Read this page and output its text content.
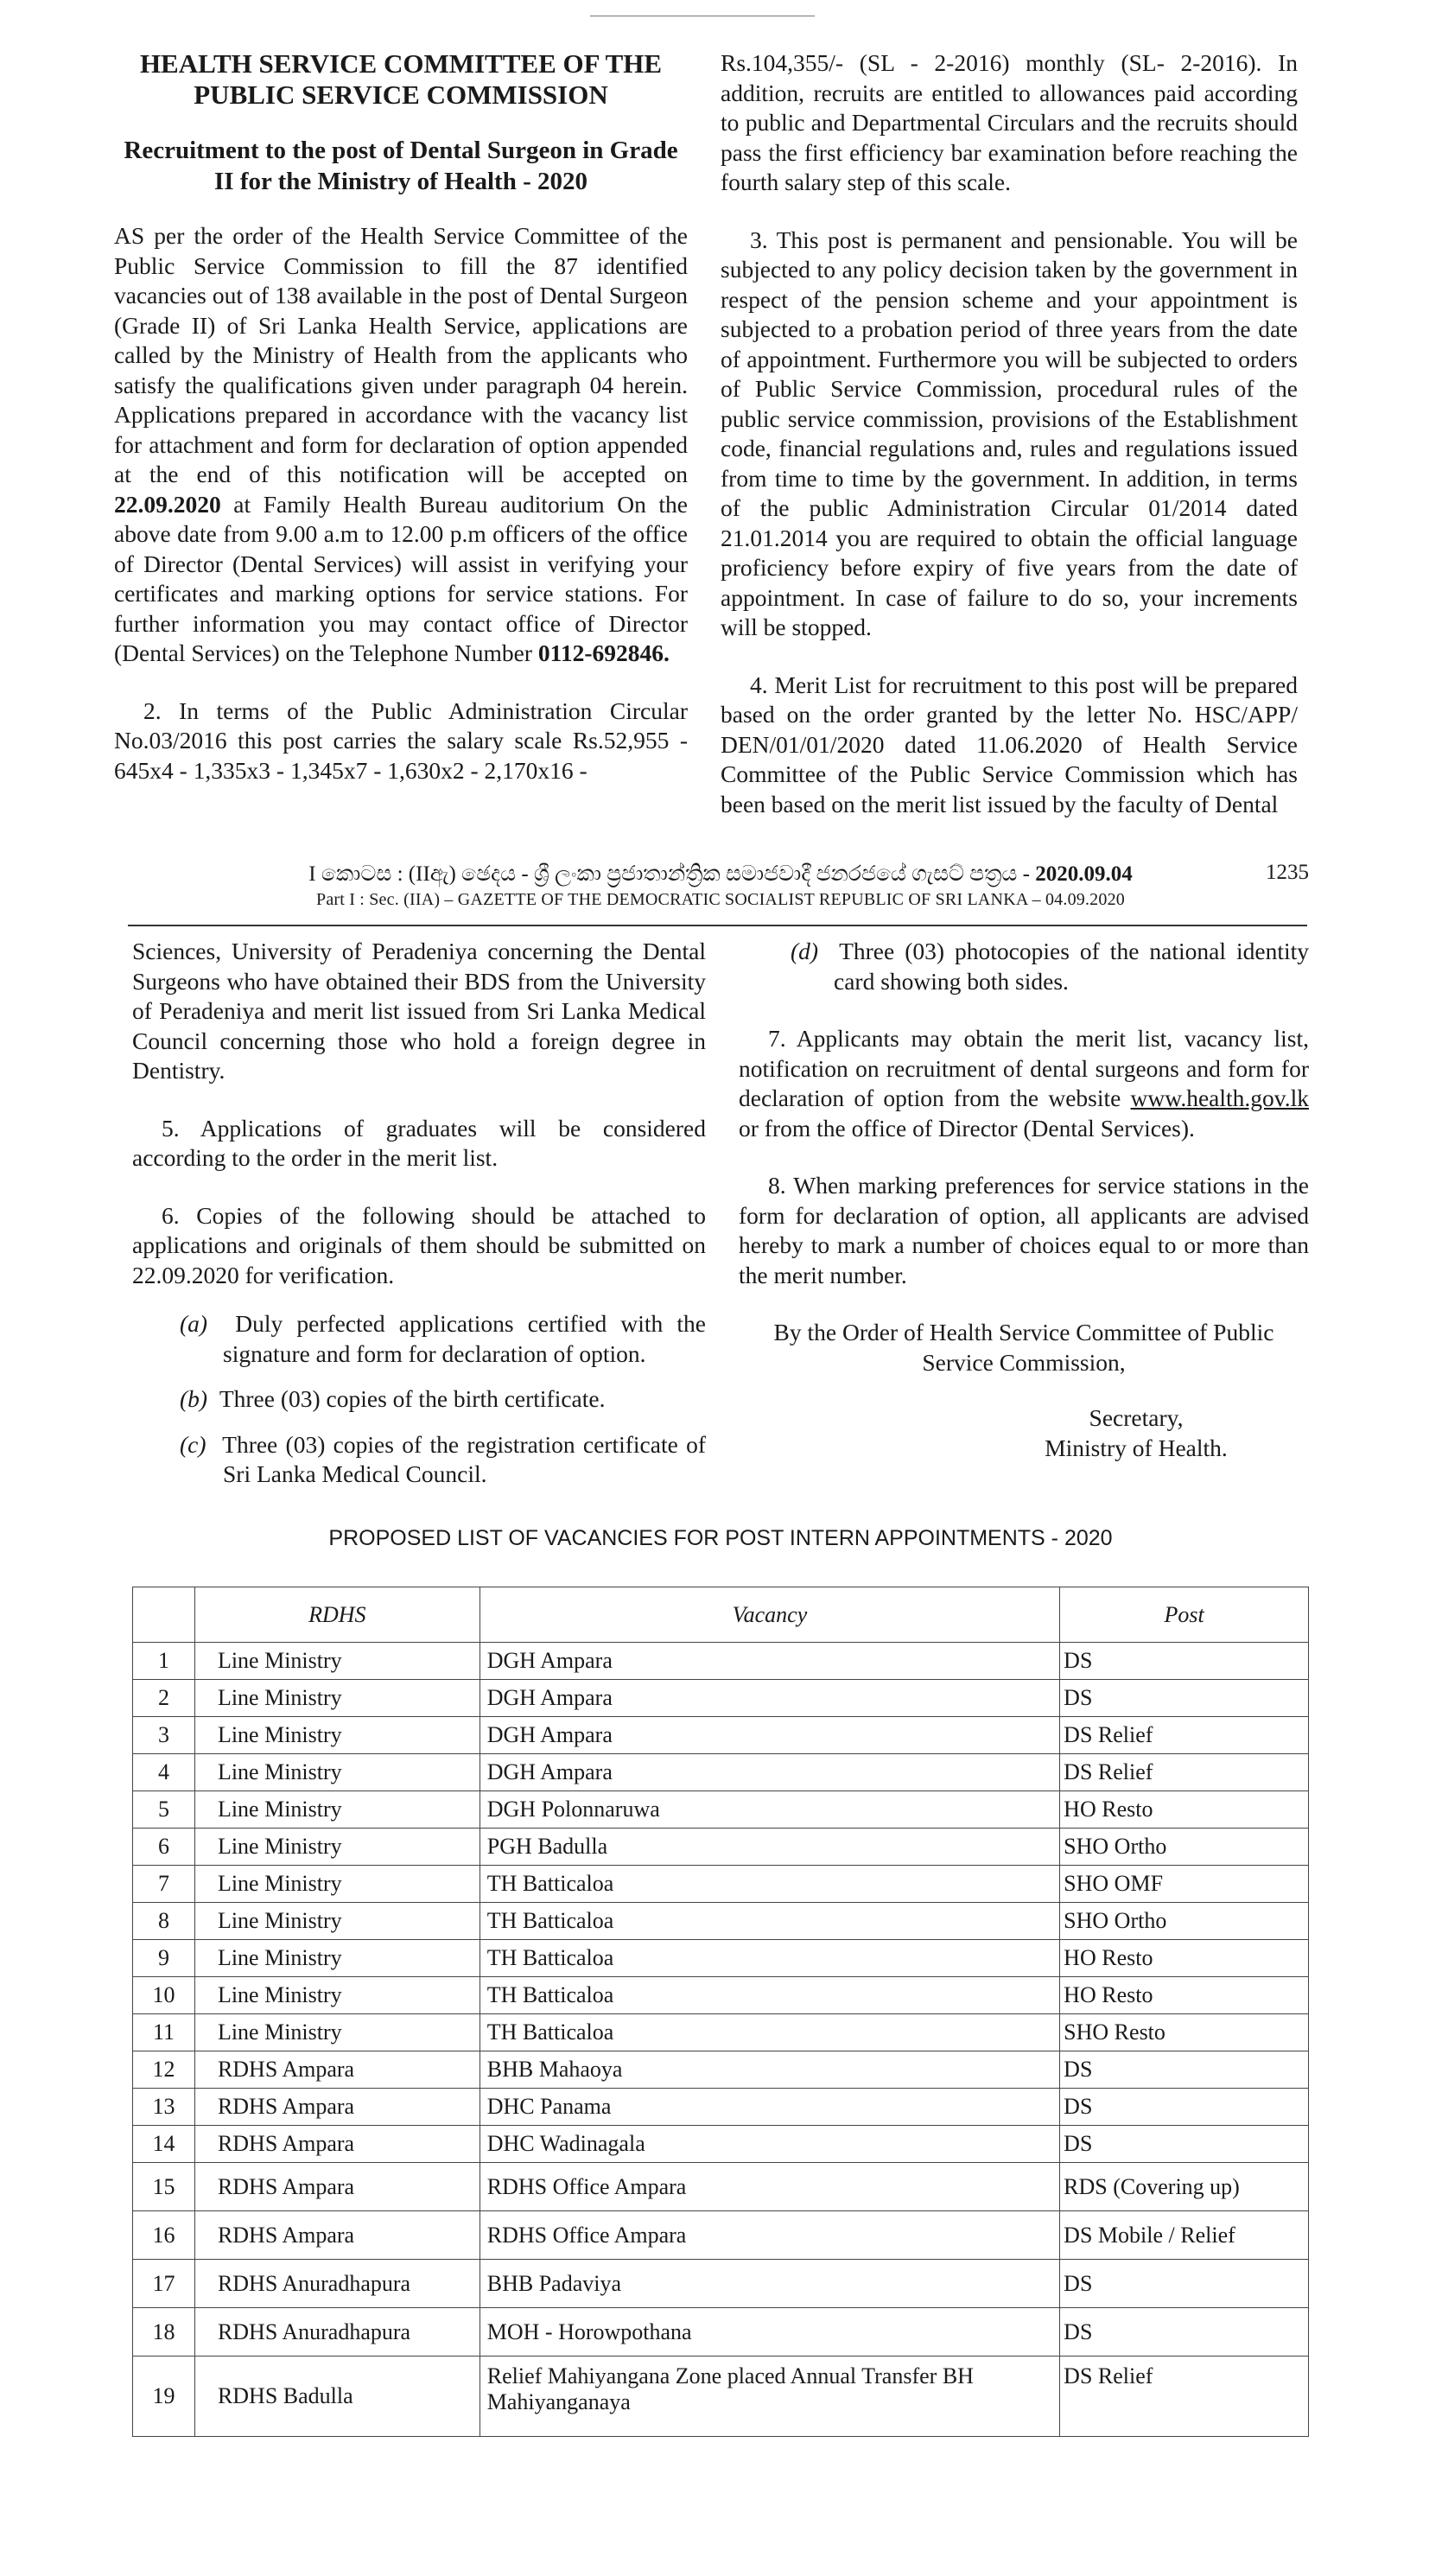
HEALTH SERVICE COMMITTEE OF THE PUBLIC SERVICE COMMISSION

Recruitment to the post of Dental Surgeon in Grade II for the Ministry of Health - 2020

AS per the order of the Health Service Committee of the Public Service Commission to fill the 87 identified vacancies out of 138 available in the post of Dental Surgeon (Grade II) of Sri Lanka Health Service, applications are called by the Ministry of Health from the applicants who satisfy the qualifications given under paragraph 04 herein. Applications prepared in accordance with the vacancy list for attachment and form for declaration of option appended at the end of this notification will be accepted on 22.09.2020 at Family Health Bureau auditorium On the above date from 9.00 a.m to 12.00 p.m officers of the office of Director (Dental Services) will assist in verifying your certificates and marking options for service stations. For further information you may contact office of Director (Dental Services) on the Telephone Number 0112-692846.

2. In terms of the Public Administration Circular No.03/2016 this post carries the salary scale Rs.52,955 - 645x4 - 1,335x3 - 1,345x7 - 1,630x2 - 2,170x16 -

Rs.104,355/- (SL - 2-2016) monthly (SL- 2-2016). In addition, recruits are entitled to allowances paid according to public and Departmental Circulars and the recruits should pass the first efficiency bar examination before reaching the fourth salary step of this scale.

3. This post is permanent and pensionable. You will be subjected to any policy decision taken by the government in respect of the pension scheme and your appointment is subjected to a probation period of three years from the date of appointment. Furthermore you will be subjected to orders of Public Service Commission, procedural rules of the public service commission, provisions of the Establishment code, financial regulations and, rules and regulations issued from time to time by the government. In addition, in terms of the public Administration Circular 01/2014 dated 21.01.2014 you are required to obtain the official language proficiency before expiry of five years from the date of appointment. In case of failure to do so, your increments will be stopped.

4. Merit List for recruitment to this post will be prepared based on the order granted by the letter No. HSC/APP/ DEN/01/01/2020 dated 11.06.2020 of Health Service Committee of the Public Service Commission which has been based on the merit list issued by the faculty of Dental

I කොටස : (IIඇ) ඡෙදය - ශ්‍රී ලංකා ප්‍රජාතාන්ත්‍රික සමාජවාදී ජනරජයේ ගැසට් පත්‍රය - 2020.09.04	1235
Part I : Sec. (IIA) – GAZETTE OF THE DEMOCRATIC SOCIALIST REPUBLIC OF SRI LANKA – 04.09.2020

Sciences, University of Peradeniya concerning the Dental Surgeons who have obtained their BDS from the University of Peradeniya and merit list issued from Sri Lanka Medical Council concerning those who hold a foreign degree in Dentistry.

5. Applications of graduates will be considered according to the order in the merit list.

6. Copies of the following should be attached to applications and originals of them should be submitted on 22.09.2020 for verification.

(a) Duly perfected applications certified with the signature and form for declaration of option.

(b) Three (03) copies of the birth certificate.

(c) Three (03) copies of the registration certificate of Sri Lanka Medical Council.

(d) Three (03) photocopies of the national identity card showing both sides.

7. Applicants may obtain the merit list, vacancy list, notification on recruitment of dental surgeons and form for declaration of option from the website www.health.gov.lk or from the office of Director (Dental Services).

8. When marking preferences for service stations in the form for declaration of option, all applicants are advised hereby to mark a number of choices equal to or more than the merit number.

By the Order of Health Service Committee of Public Service Commission,

Secretary,

Ministry of Health.

PROPOSED LIST OF VACANCIES FOR POST INTERN APPOINTMENTS - 2020
	RDHS	Vacancy	Post
1	Line Ministry	DGH Ampara	DS
2	Line Ministry	DGH Ampara	DS
3	Line Ministry	DGH Ampara	DS Relief
4	Line Ministry	DGH Ampara	DS Relief
5	Line Ministry	DGH Polonnaruwa	HO Resto
6	Line Ministry	PGH Badulla	SHO Ortho
7	Line Ministry	TH Batticaloa	SHO OMF
8	Line Ministry	TH Batticaloa	SHO Ortho
9	Line Ministry	TH Batticaloa	HO Resto
10	Line Ministry	TH Batticaloa	HO Resto
11	Line Ministry	TH Batticaloa	SHO Resto
12	RDHS Ampara	BHB Mahaoya	DS
13	RDHS Ampara	DHC Panama	DS
14	RDHS Ampara	DHC Wadinagala	DS
15	RDHS Ampara	RDHS Office Ampara	RDS (Covering up)
16	RDHS Ampara	RDHS Office Ampara	DS Mobile / Relief
17	RDHS Anuradhapura	BHB Padaviya	DS
18	RDHS Anuradhapura	MOH - Horowpothana	DS
19	RDHS Badulla	Relief Mahiyangana Zone placed Annual Transfer BH Mahiyanganaya	DS Relief
